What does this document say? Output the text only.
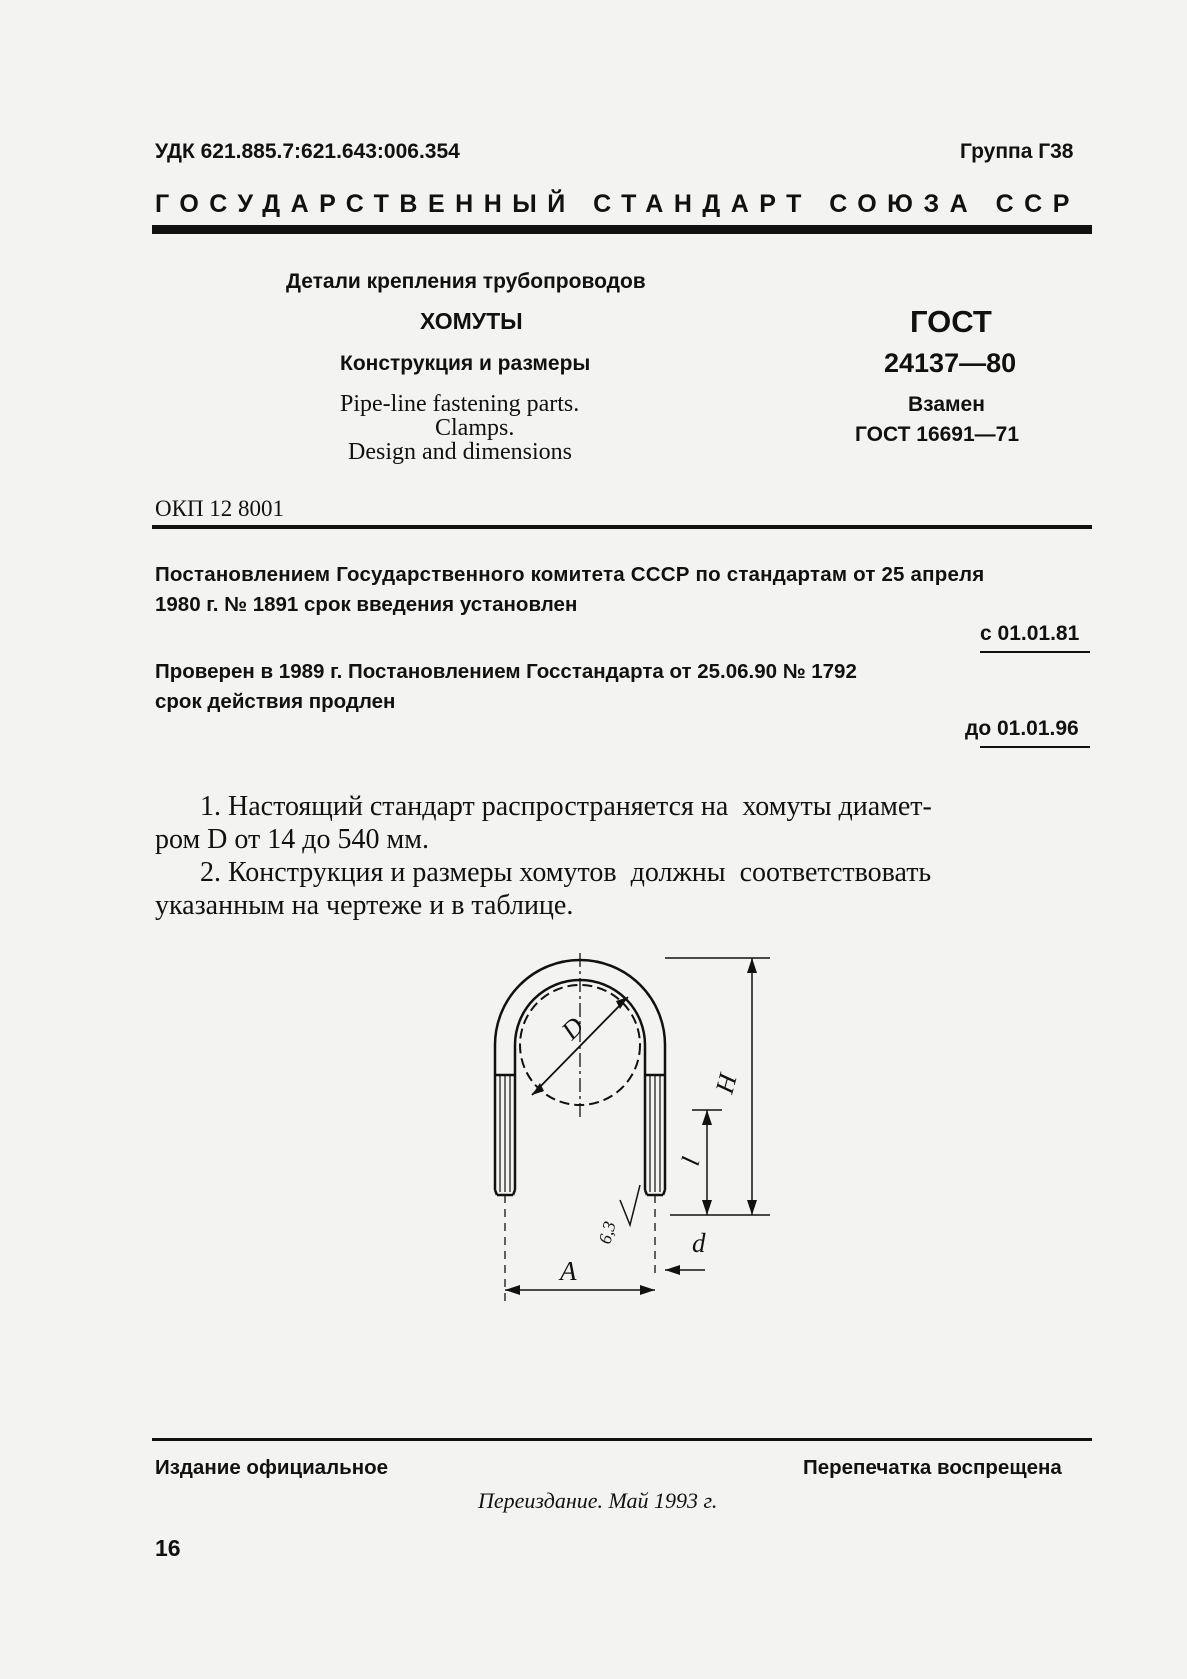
УДК 621.885.7:621.643:006.354	Группа Г38
ГОСУДАРСТВЕННЫЙ СТАНДАРТ СОЮЗА ССР
Детали крепления трубопроводов
ХОМУТЫ
Конструкция и размеры
Pipe-line fastening parts.
Clamps.
Design and dimensions
ГОСТ
24137—80
Взамен
ГОСТ 16691—71
ОКП 12 8001
Постановлением Государственного комитета СССР по стандартам от 25 апреля
1980 г. № 1891 срок введения установлен
с 01.01.81
Проверен в 1989 г. Постановлением Госстандарта от 25.06.90 № 1792
срок действия продлен
до 01.01.96
1. Настоящий стандарт распространяется на  хомуты диамет-
ром D от 14 до 540 мм.
2. Конструкция и размеры хомутов  должны  соответствовать
указанным на чертеже и в таблице.
D
H
l
6,3	d
A
Издание официальное	Перепечатка воспрещена
Переиздание. Май 1993 г.
16
